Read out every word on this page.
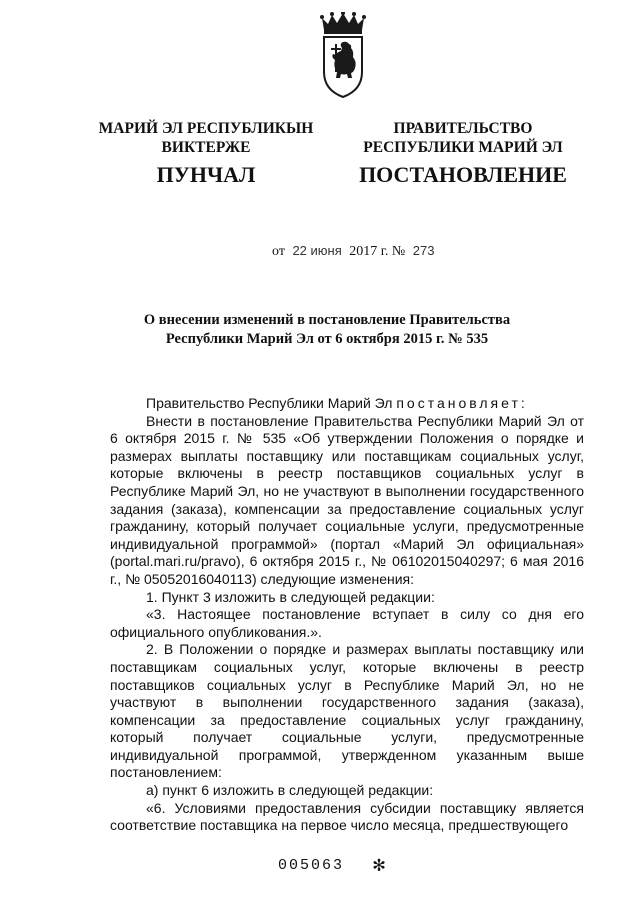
МАРИЙ ЭЛ РЕСПУБЛИКЫН
ВИКТЕРЖЕ
ПУНЧАЛ
ПРАВИТЕЛЬСТВО
РЕСПУБЛИКИ МАРИЙ ЭЛ
ПОСТАНОВЛЕНИЕ
от 22 июня 2017 г. № 273
О внесении изменений в постановление Правительства
Республики Марий Эл от 6 октября 2015 г. № 535

Правительство Республики Марий Эл постановляет:

Внести в постановление Правительства Республики Марий Эл от 6 октября 2015 г. № 535 «Об утверждении Положения о порядке и размерах выплаты поставщику или поставщикам социальных услуг, которые включены в реестр поставщиков социальных услуг в Республике Марий Эл, но не участвуют в выполнении государственного задания (заказа), компенсации за предоставление социальных услуг гражданину, который получает социальные услуги, предусмотренные индивидуальной программой» (портал «Марий Эл официальная» (portal.mari.ru/pravo), 6 октября 2015 г., № 06102015040297; 6 мая 2016 г., № 05052016040113) следующие изменения:

1. Пункт 3 изложить в следующей редакции:

«3. Настоящее постановление вступает в силу со дня его официального опубликования.».

2. В Положении о порядке и размерах выплаты поставщику или поставщикам социальных услуг, которые включены в реестр поставщиков социальных услуг в Республике Марий Эл, но не участвуют в выполнении государственного задания (заказа), компенсации за предоставление социальных услуг гражданину, который получает социальные услуги, предусмотренные индивидуальной программой, утвержденном указанным выше постановлением:

а) пункт 6 изложить в следующей редакции:

«6. Условиями предоставления субсидии поставщику является соответствие поставщика на первое число месяца, предшествующего

005063 ✻
